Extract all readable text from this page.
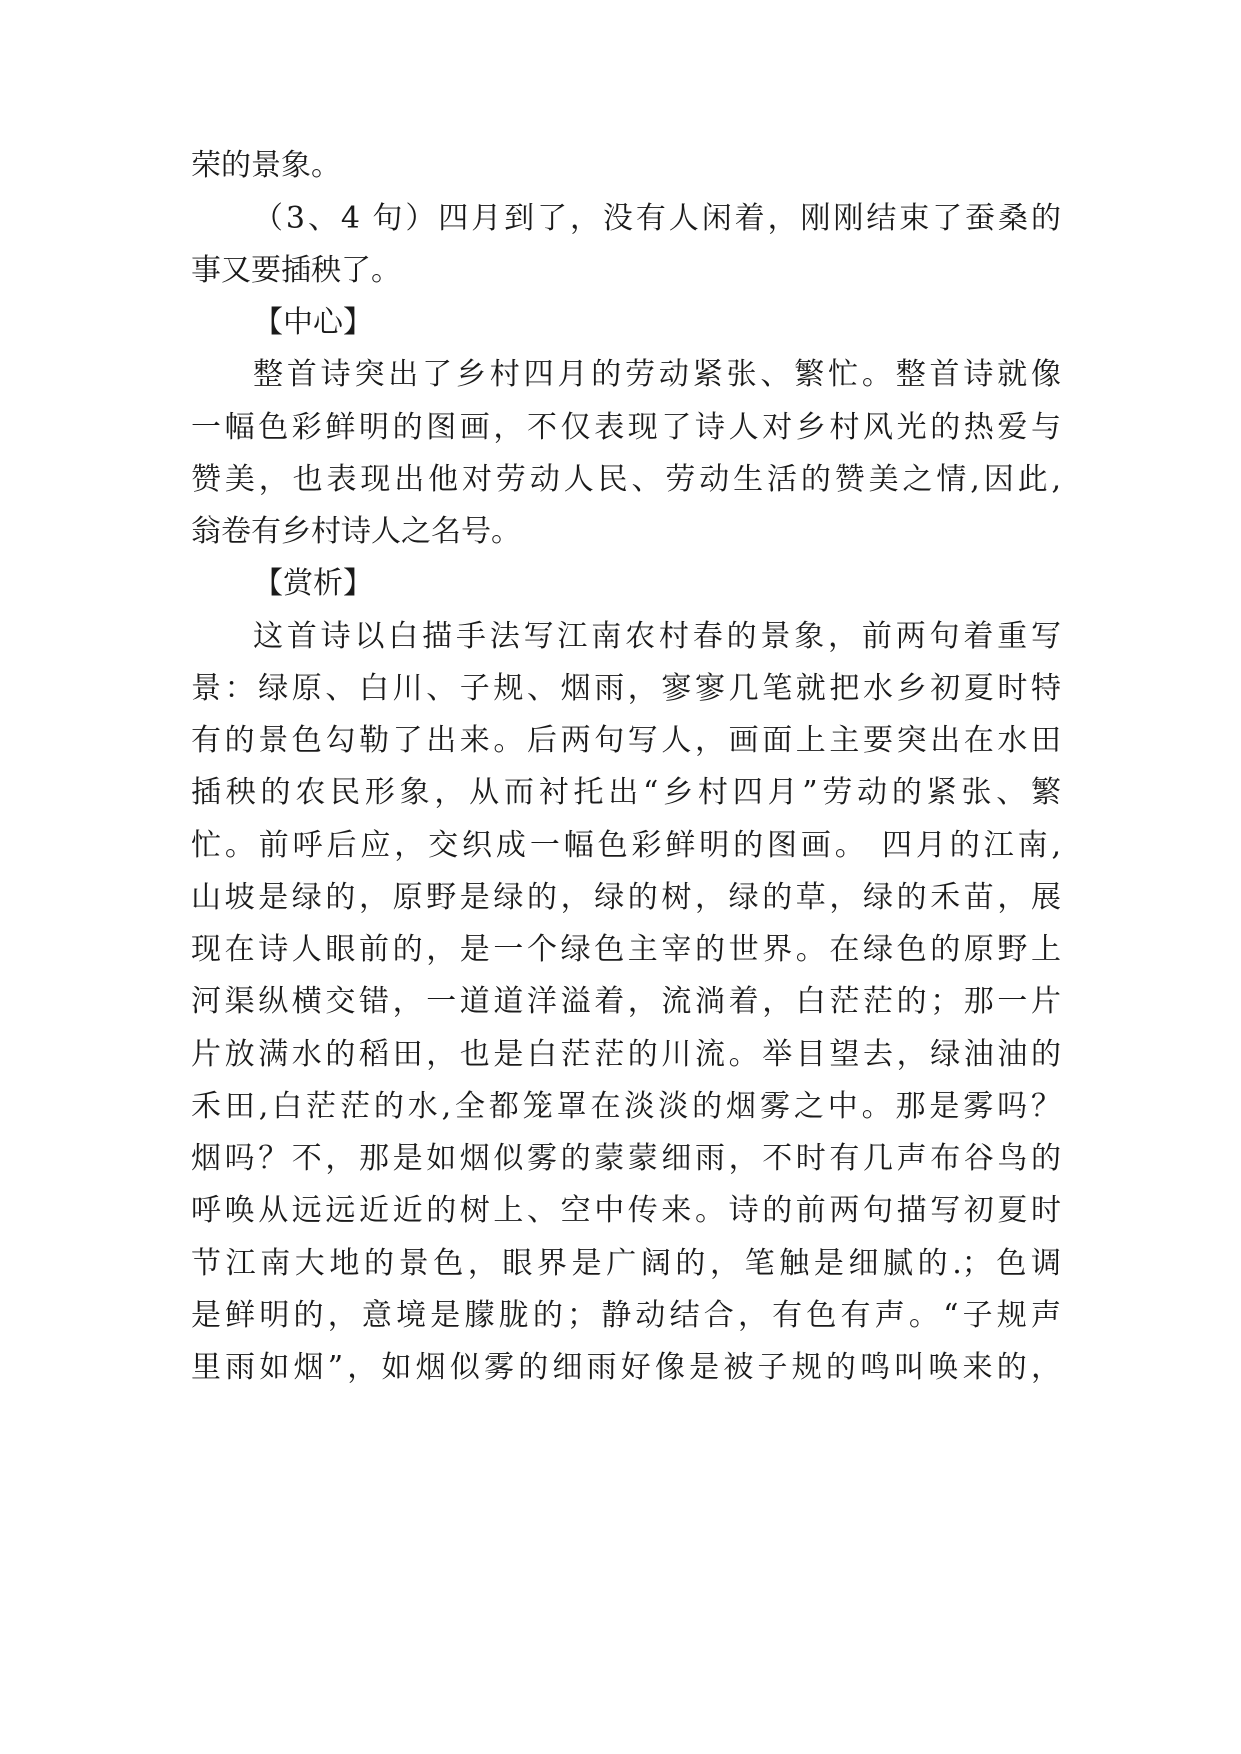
荣的景象。
（3、4 句）四月到了，没有人闲着，刚刚结束了蚕桑的
事又要插秧了。
【中心】
整首诗突出了乡村四月的劳动紧张、繁忙。整首诗就像
一幅色彩鲜明的图画，不仅表现了诗人对乡村风光的热爱与
赞美，也表现出他对劳动人民、劳动生活的赞美之情,因此,
翁卷有乡村诗人之名号。
【赏析】
这首诗以白描手法写江南农村春的景象，前两句着重写
景：绿原、白川、子规、烟雨，寥寥几笔就把水乡初夏时特
有的景色勾勒了出来。后两句写人，画面上主要突出在水田
插秧的农民形象，从而衬托出“乡村四月”劳动的紧张、繁
忙。前呼后应，交织成一幅色彩鲜明的图画。 四月的江南,
山坡是绿的，原野是绿的，绿的树，绿的草，绿的禾苗，展
现在诗人眼前的，是一个绿色主宰的世界。在绿色的原野上
河渠纵横交错，一道道洋溢着，流淌着，白茫茫的；那一片
片放满水的稻田，也是白茫茫的川流。举目望去，绿油油的
禾田,白茫茫的水,全都笼罩在淡淡的烟雾之中。那是雾吗？
烟吗？不，那是如烟似雾的蒙蒙细雨，不时有几声布谷鸟的
呼唤从远远近近的树上、空中传来。诗的前两句描写初夏时
节江南大地的景色，眼界是广阔的，笔触是细腻的.；色调
是鲜明的，意境是朦胧的；静动结合，有色有声。“子规声
里雨如烟”，如烟似雾的细雨好像是被子规的鸣叫唤来的，
